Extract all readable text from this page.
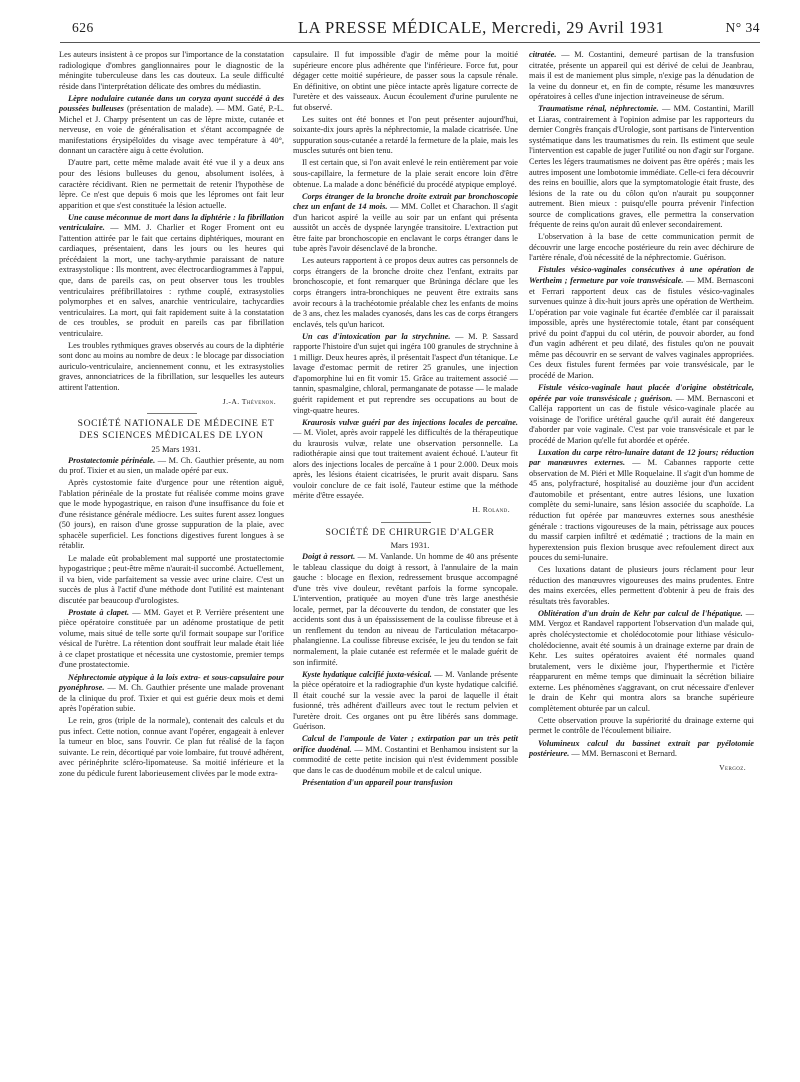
626	LA PRESSE MÉDICALE, Mercredi, 29 Avril 1931	N° 34

Les auteurs insistent à ce propos sur l'importance de la constatation radiologique d'ombres ganglionnaires pour le diagnostic de la méningite tuberculeuse dans les cas douteux. La seule difficulté réside dans l'interprétation délicate des ombres du médiastin.

Lèpre nodulaire cutanée dans un coryza ayant succédé à des poussées bulleuses (présentation de malade). — MM. Gaté, P.-L. Michel et J. Charpy présentent un cas de lèpre mixte, cutanée et nerveuse, en voie de généralisation et s'étant accompagnée de manifestations érysipéloïdes du visage avec température à 40°, donnant un caractère aigu à cette évolution.

D'autre part, cette même malade avait été vue il y a deux ans pour des lésions bulleuses du genou, absolument isolées, à caractère récidivant. Rien ne permettait de retenir l'hypothèse de lèpre. Ce n'est que depuis 6 mois que les lépromes ont fait leur apparition et que s'est constituée la lésion actuelle.

Une cause méconnue de mort dans la diphtérie : la fibrillation ventriculaire. — MM. J. Charlier et Roger Froment ont eu l'attention attirée par le fait que certains diphtériques, mourant en cardiaques, présentaient, dans les jours ou les heures qui précédaient la mort, une tachy-arythmie paraissant de nature extrasystolique : Ils montrent, avec électrocardiogrammes à l'appui, que, dans de pareils cas, on peut observer tous les troubles ventriculaires préfibrillatoires : rythme couplé, extrasystolies polymorphes et en salves, anarchie ventriculaire, tachycardies ventriculaires. La mort, qui fait rapidement suite à la constatation de ces troubles, se produit en pareils cas par fibrillation ventriculaire.

Les troubles rythmiques graves observés au cours de la diphtérie sont donc au moins au nombre de deux : le blocage par dissociation auriculo-ventriculaire, anciennement connu, et les extrasystolies graves, annonciatrices de la fibrillation, sur lesquelles les auteurs attirent l'attention.

J.-A. Thévenon.

SOCIÉTÉ NATIONALE DE MÉDECINE ET DES SCIENCES MÉDICALES DE LYON

25 Mars 1931.

Prostatectomie périnéale. — M. Ch. Gauthier présente, au nom du prof. Tixier et au sien, un malade opéré par eux.

Après cystostomie faite d'urgence pour une rétention aiguë, l'ablation périnéale de la prostate fut réalisée comme moins grave que le mode hypogastrique, en raison d'une insuffisance du foie et d'une résistance générale médiocre. Les suites furent assez longues (50 jours), en raison d'une grosse suppuration de la plaie, avec sphacèle superficiel. Les fonctions digestives furent longues à se rétablir.

Le malade eût probablement mal supporté une prostatectomie hypogastrique ; peut-être même n'aurait-il succombé. Actuellement, il va bien, vide parfaitement sa vessie avec urine claire. C'est un succès de plus à l'actif d'une méthode dont l'utilité est maintenant discutée par beaucoup d'urologistes.

Prostate à clapet. — MM. Gayet et P. Verrière présentent une pièce opératoire constituée par un adénome prostatique de petit volume, mais situé de telle sorte qu'il formait soupape sur l'orifice vésical de l'urètre. La rétention dont souffrait leur malade était liée à ce clapet prostatique et nécessita une cystostomie, premier temps d'une prostatectomie.

Néphrectomie atypique à la lois extra- et sous-capsulaire pour pyonéphrose. — M. Ch. Gauthier présente une malade provenant de la clinique du prof. Tixier et qui est guérie deux mois et demi après l'opération subie.

Le rein, gros (triple de la normale), contenait des calculs et du pus infect. Cette notion, connue avant l'opérer, engageait à enlever la tumeur en bloc, sans l'ouvrir. Ce plan fut réalisé de la façon suivante. Le rein, décortiqué par voie lombaire, fut trouvé adhérent, avec périnéphrite scléro-lipomateuse. Sa moitié inférieure et la zone du pédicule furent laborieusement clivées par le mode extra-

capsulaire. Il fut impossible d'agir de même pour la moitié supérieure encore plus adhérente que l'inférieure. Force fut, pour dégager cette moitié supérieure, de passer sous la capsule rénale. En définitive, on obtint une pièce intacte après ligature correcte de l'uretère et des vaisseaux. Aucun écoulement d'urine purulente ne fut observé.

Les suites ont été bonnes et l'on peut présenter aujourd'hui, soixante-dix jours après la néphrectomie, la malade cicatrisée. Une suppuration sous-cutanée a retardé la fermeture de la plaie, mais les muscles suturés ont bien tenu.

Il est certain que, si l'on avait enlevé le rein entièrement par voie sous-capillaire, la fermeture de la plaie serait encore loin d'être obtenue. La malade a donc bénéficié du procédé atypique employé.

Corps étranger de la bronche droite extrait par bronchoscopie chez un enfant de 14 mois. — MM. Collet et Charachon. Il s'agit d'un haricot aspiré la veille au soir par un enfant qui présenta aussitôt un accès de dyspnée laryngée transitoire. L'extraction put être faite par bronchoscopie en enclavant le corps étranger dans le tube après l'avoir désenclavé de la bronche.

Les auteurs rapportent à ce propos deux autres cas personnels de corps étrangers de la bronche droite chez l'enfant, extraits par bronchoscopie, et font remarquer que Brüninga déclare que les corps étrangers intra-bronchiques ne peuvent être extraits sans avoir recours à la trachéotomie préalable chez les enfants de moins de 3 ans, chez les malades cyanosés, dans les cas de corps étrangers enclavés, tels qu'un haricot.

Un cas d'intoxication par la strychnine. — M. P. Sassard rapporte l'histoire d'un sujet qui ingéra 100 granules de strychnine à 1 milligr. Deux heures après, il présentait l'aspect d'un tétanique. Le lavage d'estomac permit de retirer 25 granules, une injection d'apomorphine lui en fit vomir 15. Grâce au traitement associé — tannin, spasmalgine, chloral, permanganate de potasse — le malade guérit rapidement et put reprendre ses occupations au bout de vingt-quatre heures.

Kraurosis vulvæ guéri par des injections locales de percaïne. — M. Violet, après avoir rappelé les difficultés de la thérapeutique du kraurosis vulvæ, relate une observation personnelle. La radiothérapie ainsi que tout traitement avaient échoué. L'auteur fit alors des injections locales de percaïne à 1 pour 2.000. Deux mois après, les lésions étaient cicatrisées, le prurit avait disparu. Sans vouloir conclure de ce fait isolé, l'auteur estime que la méthode mérite d'être essayée.

H. Roland.

SOCIÉTÉ DE CHIRURGIE D'ALGER

Mars 1931.

Doigt à ressort. — M. Vanlande. Un homme de 40 ans présente le tableau classique du doigt à ressort, à l'annulaire de la main gauche : blocage en flexion, redressement brusque accompagné d'une très vive douleur, revêtant parfois la forme syncopale. L'intervention, pratiquée au moyen d'une très large anesthésie locale, permet, par la découverte du tendon, de constater que les accidents sont dus à un épaississement de la coulisse fibreuse et à un renflement du tendon au niveau de l'articulation métacarpo-phalangienne. La coulisse fibreuse excisée, le jeu du tendon se fait normalement, la plaie cutanée est refermée et le malade guérit de son infirmité.

Kyste hydatique calcifié juxta-vésical. — M. Vanlande présente la pièce opératoire et la radiographie d'un kyste hydatique calcifié. Il était couché sur la vessie avec la paroi de laquelle il était fusionné, très adhérent d'ailleurs avec tout le rectum pelvien et l'uretère droit. Ces organes ont pu être libérés sans dommage. Guérison.

Calcul de l'ampoule de Vater ; extirpation par un très petit orifice duodénal. — MM. Costantini et Benhamou insistent sur la commodité de cette petite incision qui n'est évidemment possible que dans le cas de duodénum mobile et de calcul unique.

Présentation d'un appareil pour transfusion

citratée. — M. Costantini, demeuré partisan de la transfusion citratée, présente un appareil qui est dérivé de celui de Jeanbrau, mais il est de maniement plus simple, n'exige pas la dénudation de la veine du donneur et, en fin de compte, résume les manœuvres opératoires à celles d'une injection intraveineuse de sérum.

Traumatisme rénal, néphrectomie. — MM. Costantini, Marill et Liaras, contrairement à l'opinion admise par les rapporteurs du dernier Congrès français d'Urologie, sont partisans de l'intervention systématique dans les traumatismes du rein. Ils estiment que seule l'intervention est capable de juger l'utilité ou non d'agir sur l'organe. Certes les légers traumatismes ne doivent pas être opérés ; mais les autres imposent une lombotomie immédiate. Celle-ci fera découvrir des reins en bouillie, alors que la symptomatologie était fruste, des lésions de la rate ou du côlon qu'on n'aurait pu soupçonner autrement. Bien mieux : puisqu'elle pourra prévenir l'infection source de complications graves, elle permettra la conservation fréquente de reins qu'on aurait dû enlever secondairement.

L'observation à la base de cette communication permit de découvrir une large encoche postérieure du rein avec déchirure de l'artère rénale, d'où nécessité de la néphrectomie. Guérison.

Fistules vésico-vaginales consécutives à une opération de Wertheim ; fermeture par voie transvésicale. — MM. Bernasconi et Ferrari rapportent deux cas de fistules vésico-vaginales survenues quinze à dix-huit jours après une opération de Wertheim. L'opération par voie vaginale fut écartée d'emblée car il paraissait impossible, après une hystérectomie totale, étant par conséquent privé du point d'appui du col utérin, de pouvoir aborder, au fond d'un vagin adhérent et peu dilaté, des fistules qu'on ne pouvait même pas découvrir en se servant de valves vaginales appropriées. Ces deux fistules furent fermées par voie transvésicale, par le procédé de Marion.

Fistule vésico-vaginale haut placée d'origine obstétricale, opérée par voie transvésicale ; guérison. — MM. Bernasconi et Calléja rapportent un cas de fistule vésico-vaginale placée au voisinage de l'orifice urétéral gauche qu'il aurait été dangereux d'aborder par voie vaginale. C'est par voie transvésicale et par le procédé de Marion qu'elle fut abordée et opérée.

Luxation du carpe rétro-lunaire datant de 12 jours; réduction par manœuvres externes. — M. Cabannes rapporte cette observation de M. Piéri et Mlle Roquelaine. Il s'agit d'un homme de 45 ans, polyfracturé, hospitalisé au douzième jour d'un accident d'automobile et présentant, entre autres lésions, une luxation complète du semi-lunaire, sans lésion associée du scaphoïde. La réduction fut opérée par manœuvres externes sous anesthésie générale : tractions vigoureuses de la main, pétrissage aux pouces du massif carpien infiltré et œdématié ; tractions de la main en hyperextension puis flexion brusque avec refoulement direct aux pouces du semi-lunaire.

Ces luxations datant de plusieurs jours réclament pour leur réduction des manœuvres vigoureuses des mains prudentes. Entre des mains exercées, elles permettent d'obtenir à peu de frais des résultats très favorables.

Oblitération d'un drain de Kehr par calcul de l'hépatique. — MM. Vergoz et Randavel rapportent l'observation d'un malade qui, après cholécystectomie et cholédocotomie pour lithiase vésiculo-cholédocienne, avait été soumis à un drainage externe par drain de Kehr. Les suites opératoires avaient été normales quand brutalement, vers le dixième jour, l'hyperthermie et l'ictère réapparurent en même temps que diminuait la sécrétion biliaire externe. Les phénomènes s'aggravant, on crut nécessaire d'enlever le drain de Kehr qui montra alors sa branche supérieure complètement obturée par un calcul.

Cette observation prouve la supériorité du drainage externe qui permet le contrôle de l'écoulement biliaire.

Volumineux calcul du bassinet extrait par pyélotomie postérieure. — MM. Bernasconi et Bernard.

Vergoz.
